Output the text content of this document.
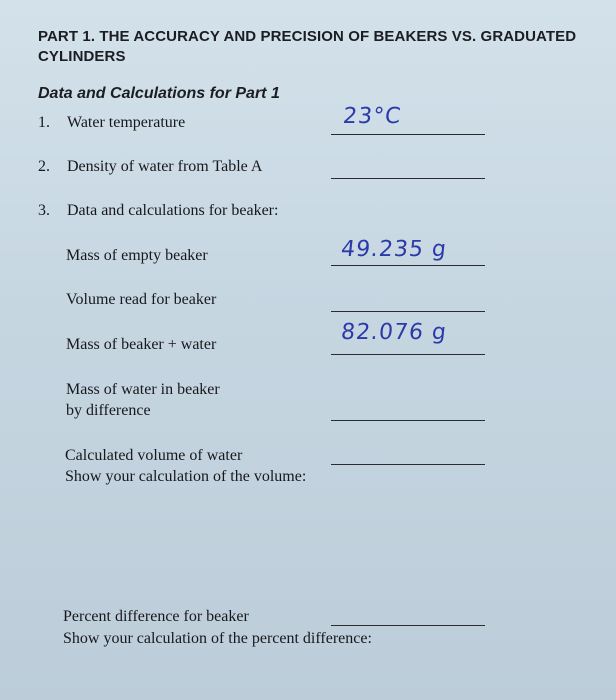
PART 1. THE ACCURACY AND PRECISION OF BEAKERS VS. GRADUATED
CYLINDERS
Data and Calculations for Part 1
1. Water temperature	23°C
2. Density of water from Table A
3. Data and calculations for beaker:
Mass of empty beaker	49.235 g
Volume read for beaker
Mass of beaker + water	82.076 g
Mass of water in beaker
by difference
Calculated volume of water
Show your calculation of the volume:
Percent difference for beaker
Show your calculation of the percent difference:
